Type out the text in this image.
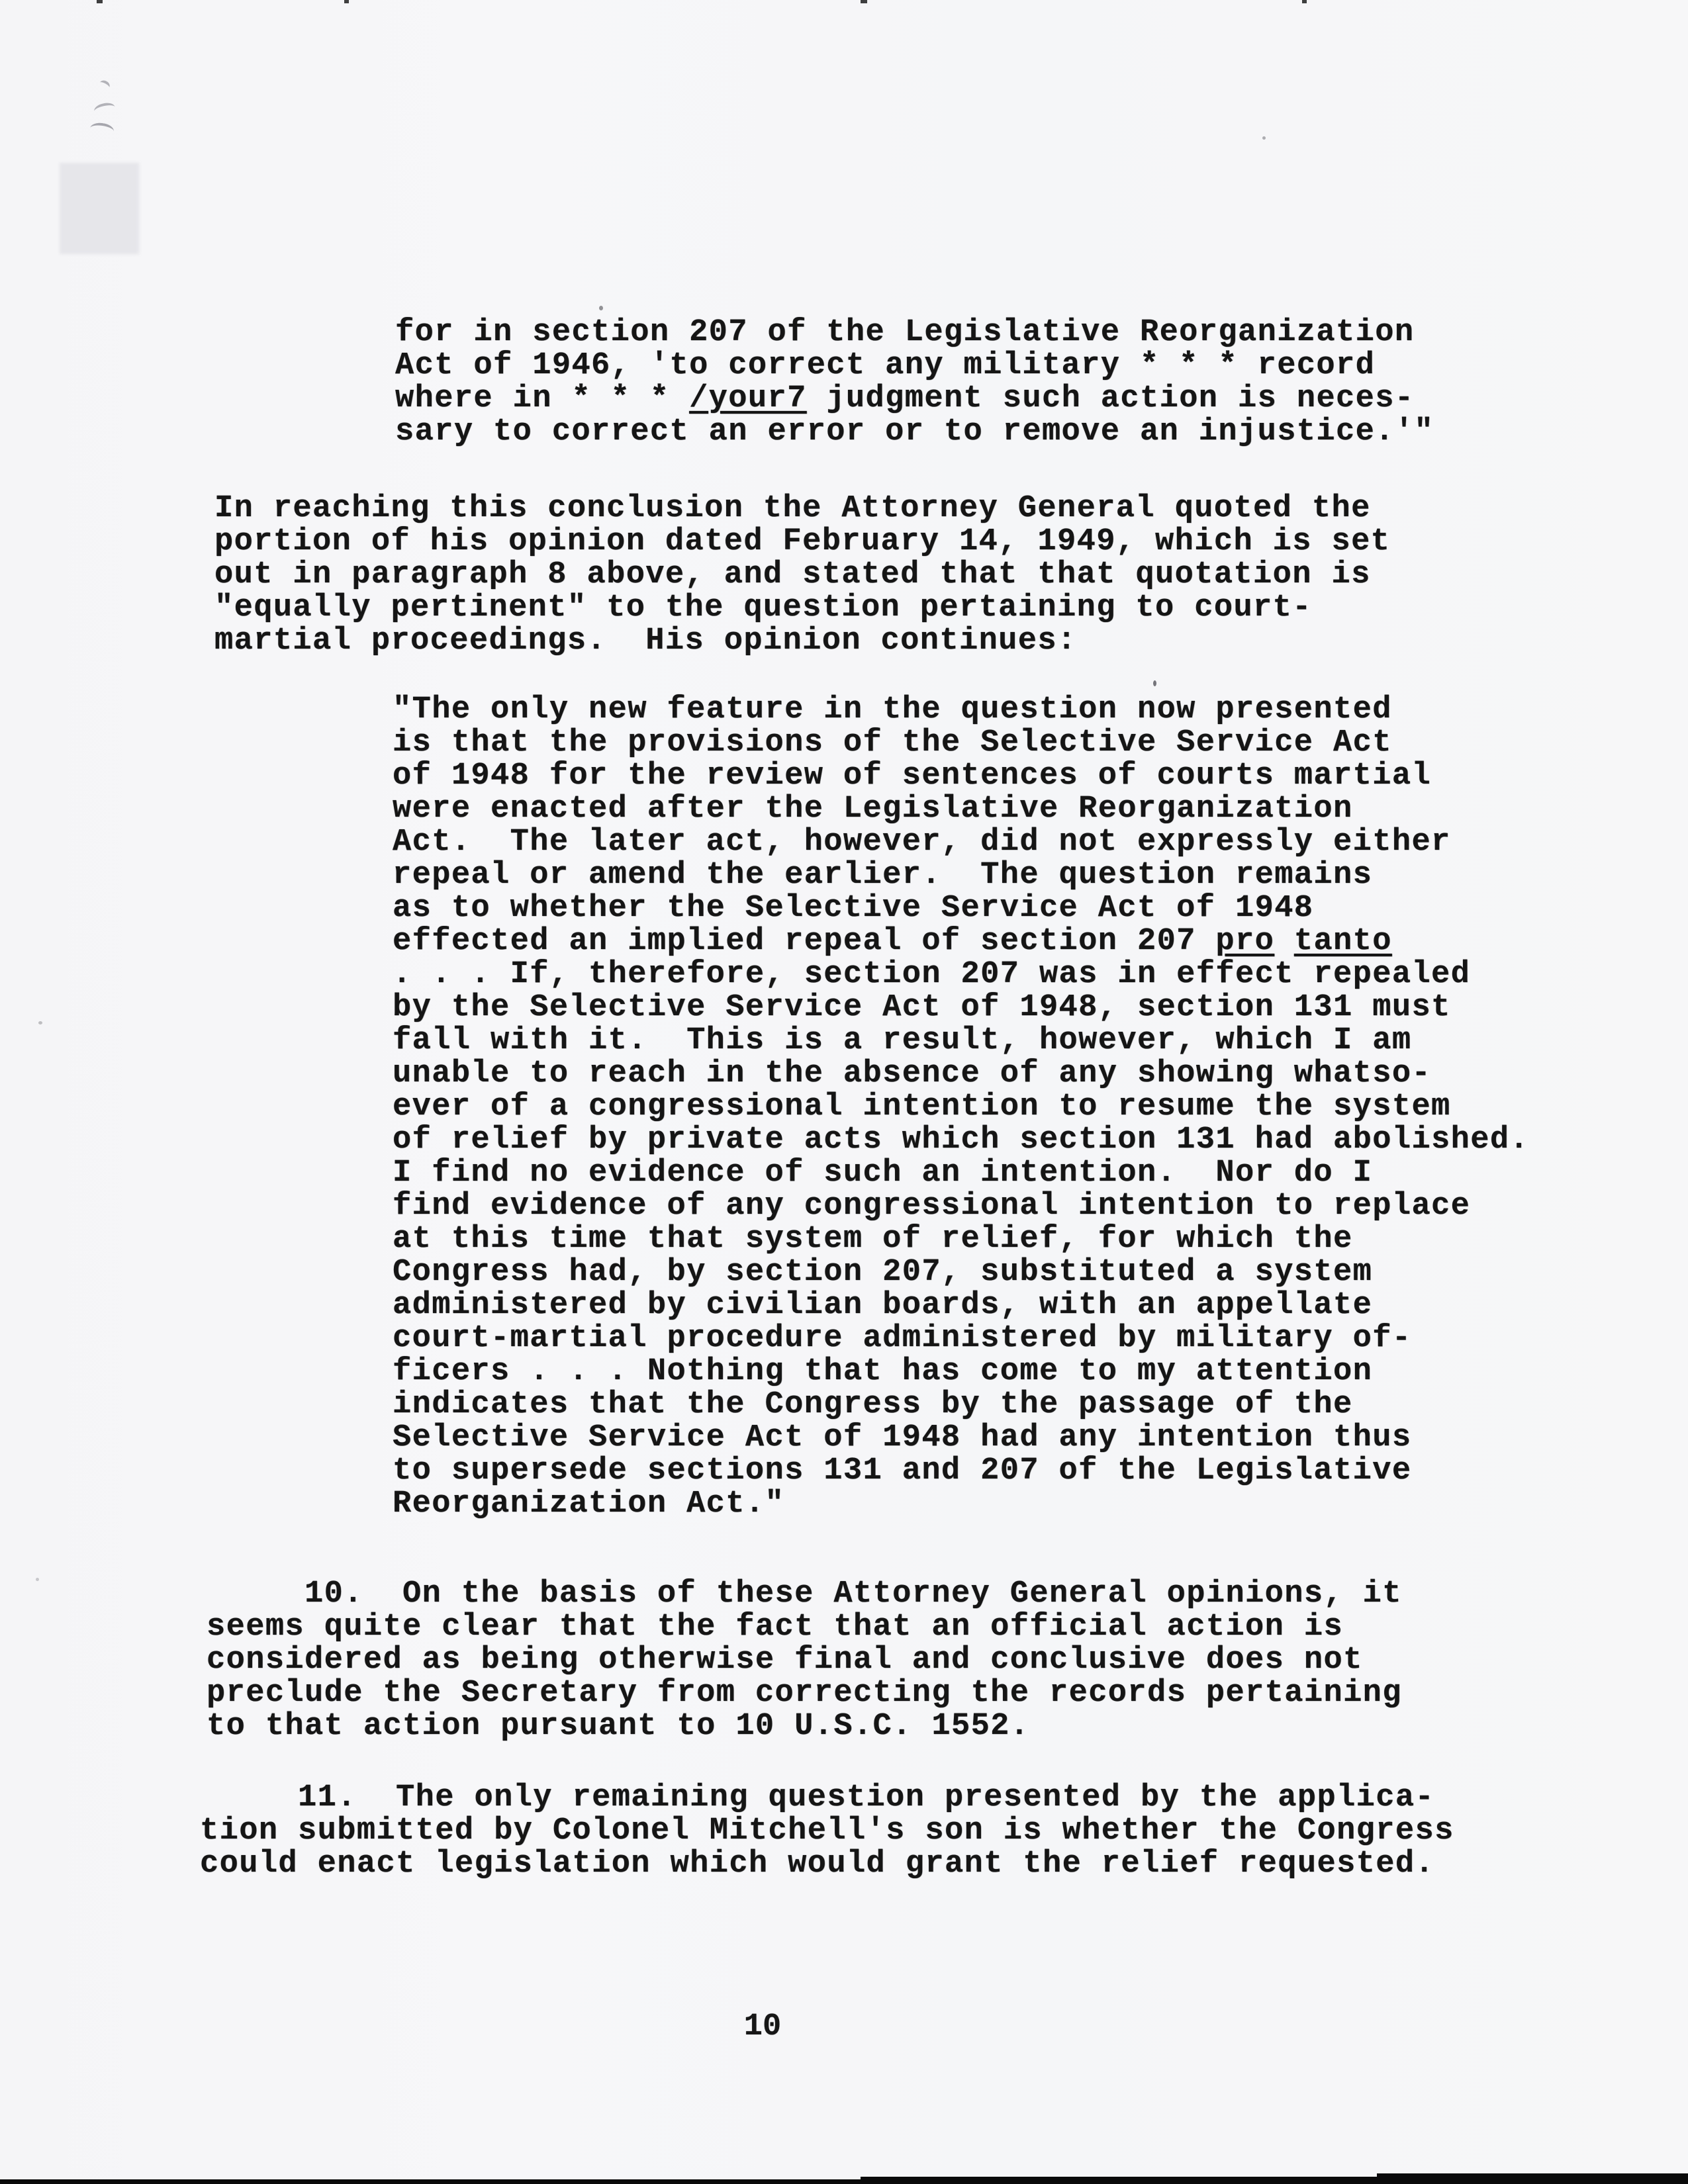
for in section 207 of the Legislative Reorganization
Act of 1946, 'to correct any military * * * record
where in * * * /your7 judgment such action is neces-
sary to correct an error or to remove an injustice.'"
In reaching this conclusion the Attorney General quoted the
portion of his opinion dated February 14, 1949, which is set
out in paragraph 8 above, and stated that that quotation is
"equally pertinent" to the question pertaining to court-
martial proceedings.  His opinion continues:
"The only new feature in the question now presented
is that the provisions of the Selective Service Act
of 1948 for the review of sentences of courts martial
were enacted after the Legislative Reorganization
Act.  The later act, however, did not expressly either
repeal or amend the earlier.  The question remains
as to whether the Selective Service Act of 1948
effected an implied repeal of section 207 pro tanto
. . . If, therefore, section 207 was in effect repealed
by the Selective Service Act of 1948, section 131 must
fall with it.  This is a result, however, which I am
unable to reach in the absence of any showing whatso-
ever of a congressional intention to resume the system
of relief by private acts which section 131 had abolished.
I find no evidence of such an intention.  Nor do I
find evidence of any congressional intention to replace
at this time that system of relief, for which the
Congress had, by section 207, substituted a system
administered by civilian boards, with an appellate
court-martial procedure administered by military of-
ficers . . . Nothing that has come to my attention
indicates that the Congress by the passage of the
Selective Service Act of 1948 had any intention thus
to supersede sections 131 and 207 of the Legislative
Reorganization Act."
10.  On the basis of these Attorney General opinions, it
seems quite clear that the fact that an official action is
considered as being otherwise final and conclusive does not
preclude the Secretary from correcting the records pertaining
to that action pursuant to 10 U.S.C. 1552.
11.  The only remaining question presented by the applica-
tion submitted by Colonel Mitchell's son is whether the Congress
could enact legislation which would grant the relief requested.
10
